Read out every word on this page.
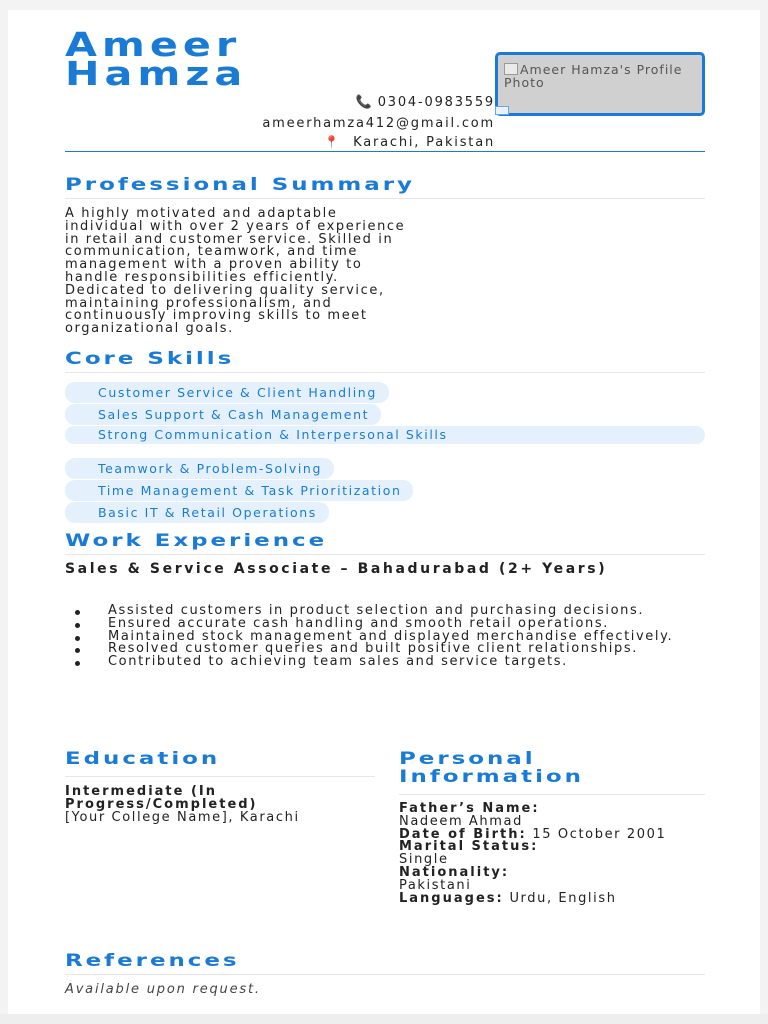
Ameer
Hamza	Ameer Hamza's Profile Photo
📞 0304-0983559
ameerhamza412@gmail.com
📍 Karachi, Pakistan
Professional Summary
A highly motivated and adaptable
individual with over 2 years of experience
in retail and customer service. Skilled in
communication, teamwork, and time
management with a proven ability to
handle responsibilities efficiently.
Dedicated to delivering quality service,
maintaining professionalism, and
continuously improving skills to meet
organizational goals.
Core Skills
Customer Service & Client Handling
Sales Support & Cash Management
Strong Communication & Interpersonal Skills
Teamwork & Problem-Solving
Time Management & Task Prioritization
Basic IT & Retail Operations
Work Experience
Sales & Service Associate – Bahadurabad (2+ Years)
Assisted customers in product selection and purchasing decisions.
Ensured accurate cash handling and smooth retail operations.
Maintained stock management and displayed merchandise effectively.
Resolved customer queries and built positive client relationships.
Contributed to achieving team sales and service targets.
Education
Intermediate (In Progress/Completed)
[Your College Name], Karachi
Personal Information
Father’s Name:
Nadeem Ahmad
Date of Birth: 15 October 2001
Marital Status:
Single
Nationality:
Pakistani
Languages: Urdu, English
References
Available upon request.
